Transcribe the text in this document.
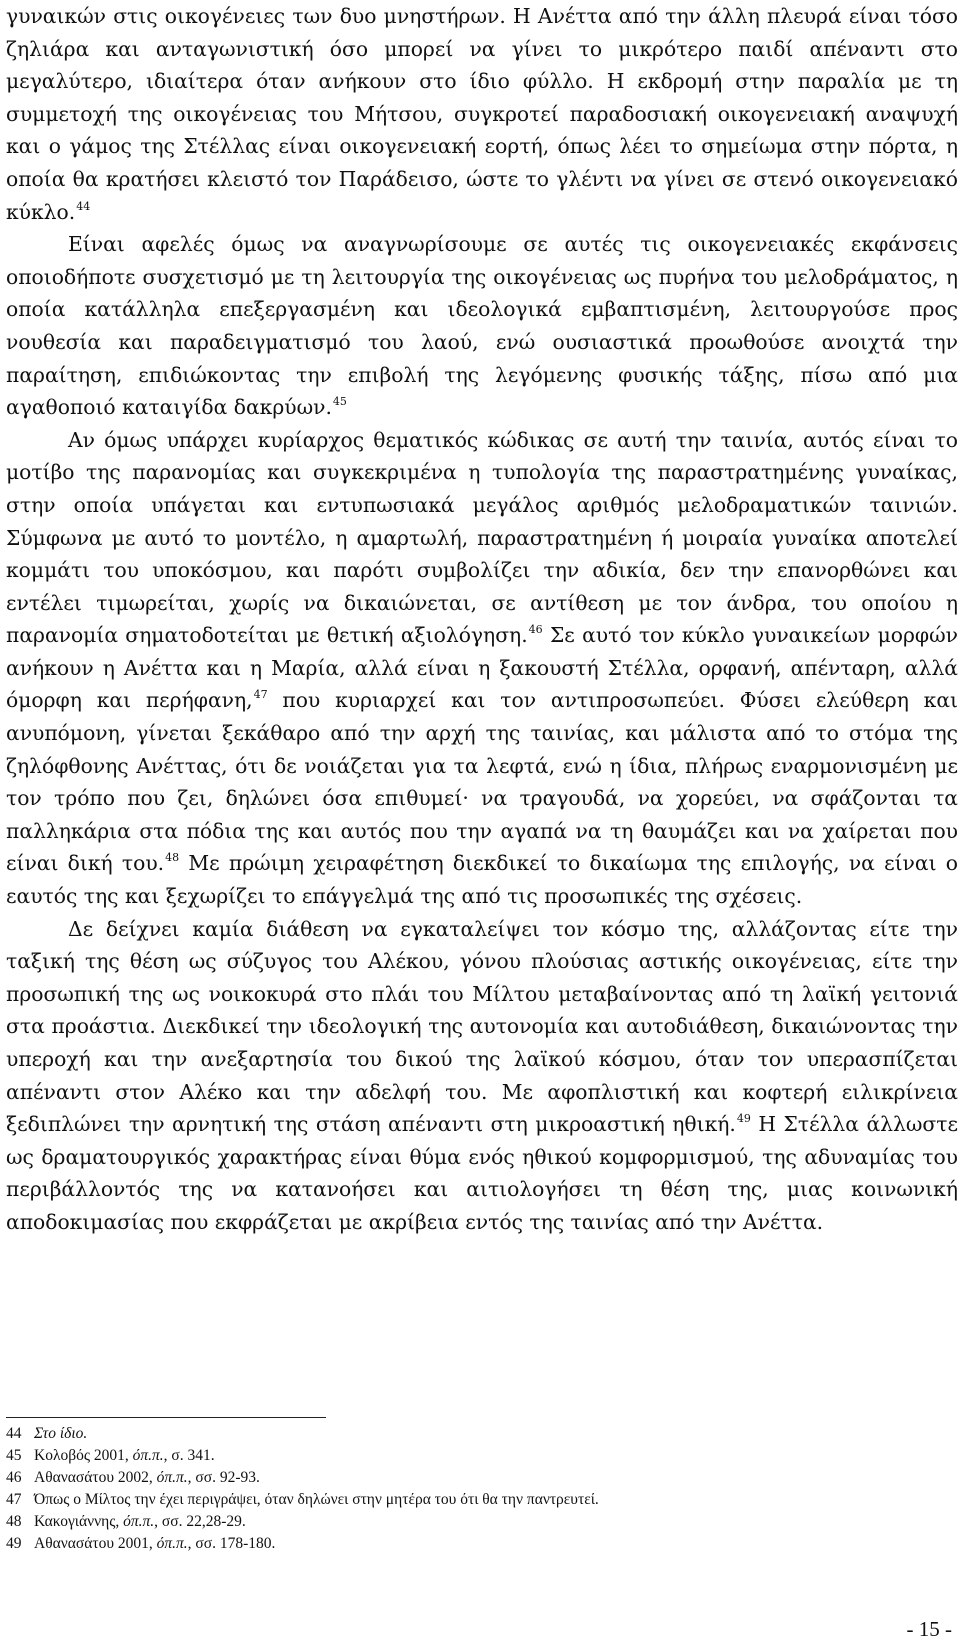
γυναικών στις οικογένειες των δυο μνηστήρων. Η Ανέττα από την άλλη πλευρά είναι τόσο ζηλιάρα και ανταγωνιστική όσο μπορεί να γίνει το μικρότερο παιδί απέναντι στο μεγαλύτερο, ιδιαίτερα όταν ανήκουν στο ίδιο φύλλο. Η εκδρομή στην παραλία με τη συμμετοχή της οικογένειας του Μήτσου, συγκροτεί παραδοσιακή οικογενειακή αναψυχή και ο γάμος της Στέλλας είναι οικογενειακή εορτή, όπως λέει το σημείωμα στην πόρτα, η οποία θα κρατήσει κλειστό τον Παράδεισο, ώστε το γλέντι να γίνει σε στενό οικογενειακό κύκλο.$^{44}$

Είναι αφελές όμως να αναγνωρίσουμε σε αυτές τις οικογενειακές εκφάνσεις οποιοδήποτε συσχετισμό με τη λειτουργία της οικογένειας ως πυρήνα του μελοδράματος, η οποία κατάλληλα επεξεργασμένη και ιδεολογικά εμβαπτισμένη, λειτουργούσε προς νουθεσία και παραδειγματισμό του λαού, ενώ ουσιαστικά προωθούσε ανοιχτά την παραίτηση, επιδιώκοντας την επιβολή της λεγόμενης φυσικής τάξης, πίσω από μια αγαθοποιό καταιγίδα δακρύων.$^{45}$

Αν όμως υπάρχει κυρίαρχος θεματικός κώδικας σε αυτή την ταινία, αυτός είναι το μοτίβο της παρανομίας και συγκεκριμένα η τυπολογία της παραστρατημένης γυναίκας, στην οποία υπάγεται και εντυπωσιακά μεγάλος αριθμός μελοδραματικών ταινιών. Σύμφωνα με αυτό το μοντέλο, η αμαρτωλή, παραστρατημένη ή μοιραία γυναίκα αποτελεί κομμάτι του υποκόσμου, και παρότι συμβολίζει την αδικία, δεν την επανορθώνει και εντέλει τιμωρείται, χωρίς να δικαιώνεται, σε αντίθεση με τον άνδρα, του οποίου η παρανομία σηματοδοτείται με θετική αξιολόγηση.$^{46}$ Σε αυτό τον κύκλο γυναικείων μορφών ανήκουν η Ανέττα και η Μαρία, αλλά είναι η ξακουστή Στέλλα, ορφανή, απένταρη, αλλά όμορφη και περήφανη,$^{47}$ που κυριαρχεί και τον αντιπροσωπεύει. Φύσει ελεύθερη και ανυπόμονη, γίνεται ξεκάθαρο από την αρχή της ταινίας, και μάλιστα από το στόμα της ζηλόφθονης Ανέττας, ότι δε νοιάζεται για τα λεφτά, ενώ η ίδια, πλήρως εναρμονισμένη με τον τρόπο που ζει, δηλώνει όσα επιθυμεί· να τραγουδά, να χορεύει, να σφάζονται τα παλληκάρια στα πόδια της και αυτός που την αγαπά να τη θαυμάζει και να χαίρεται που είναι δική του.$^{48}$ Με πρώιμη χειραφέτηση διεκδικεί το δικαίωμα της επιλογής, να είναι ο εαυτός της και ξεχωρίζει το επάγγελμά της από τις προσωπικές της σχέσεις.

Δε δείχνει καμία διάθεση να εγκαταλείψει τον κόσμο της, αλλάζοντας είτε την ταξική της θέση ως σύζυγος του Αλέκου, γόνου πλούσιας αστικής οικογένειας, είτε την προσωπική της ως νοικοκυρά στο πλάι του Μίλτου μεταβαίνοντας από τη λαϊκή γειτονιά στα προάστια. Διεκδικεί την ιδεολογική της αυτονομία και αυτοδιάθεση, δικαιώνοντας την υπεροχή και την ανεξαρτησία του δικού της λαϊκού κόσμου, όταν τον υπερασπίζεται απέναντι στον Αλέκο και την αδελφή του. Με αφοπλιστική και κοφτερή ειλικρίνεια ξεδιπλώνει την αρνητική της στάση απέναντι στη μικροαστική ηθική.$^{49}$ Η Στέλλα άλλωστε ως δραματουργικός χαρακτήρας είναι θύμα ενός ηθικού κομφορμισμού, της αδυναμίας του περιβάλλοντός της να κατανοήσει και αιτιολογήσει τη θέση της, μιας κοινωνική αποδοκιμασίας που εκφράζεται με ακρίβεια εντός της ταινίας από την Ανέττα.

44 Στο ίδιο.
45 Κολοβός 2001, όπ.π., σ. 341.
46 Αθανασάτου 2002, όπ.π., σσ. 92-93.
47 Όπως ο Μίλτος την έχει περιγράψει, όταν δηλώνει στην μητέρα του ότι θα την παντρευτεί.
48 Κακογιάννης, όπ.π., σσ. 22,28-29.
49 Αθανασάτου 2001, όπ.π., σσ. 178-180.
- 15 -
